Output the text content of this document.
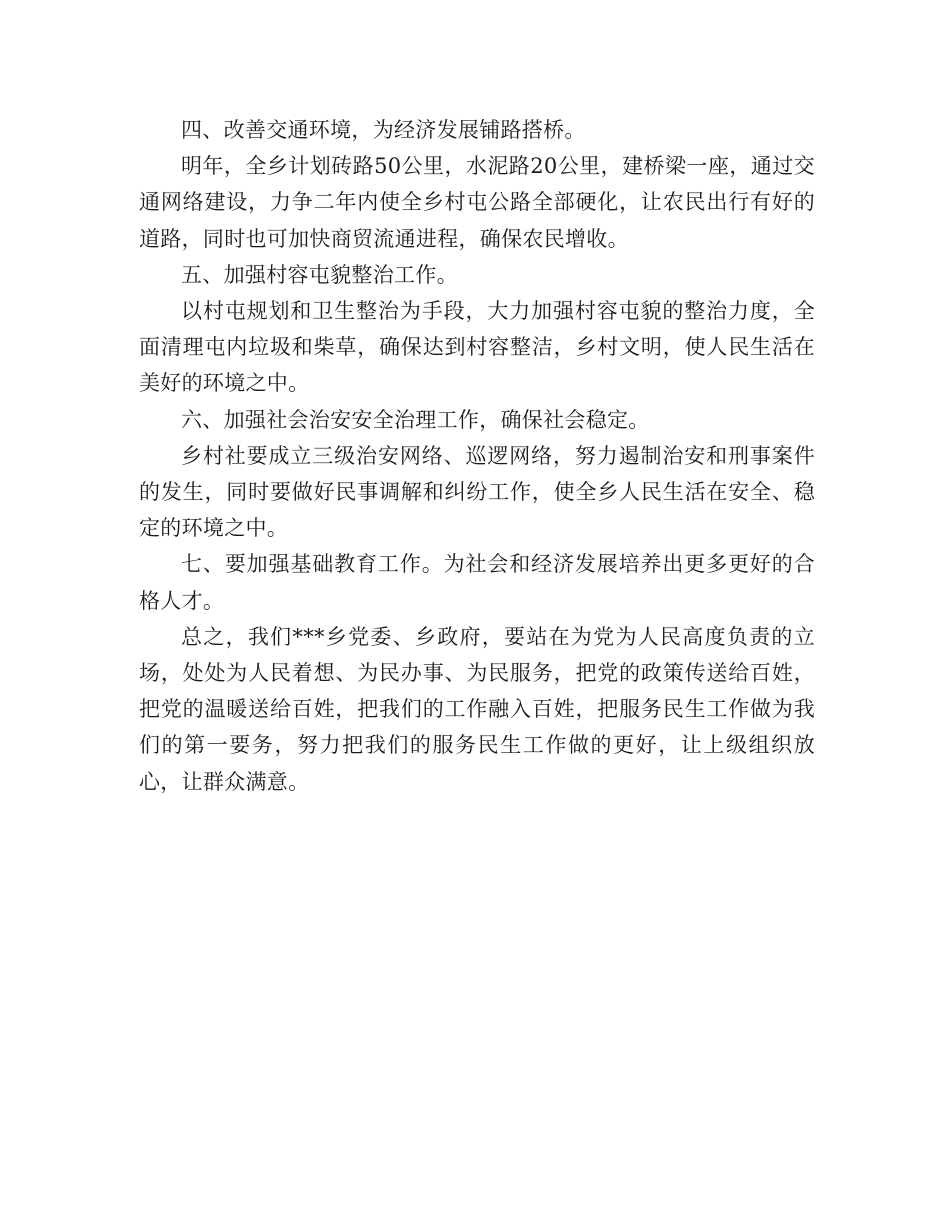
四、改善交通环境，为经济发展铺路搭桥。

明年，全乡计划砖路50公里，水泥路20公里，建桥梁一座，通过交通网络建设，力争二年内使全乡村屯公路全部硬化，让农民出行有好的道路，同时也可加快商贸流通进程，确保农民增收。

五、加强村容屯貌整治工作。

以村屯规划和卫生整治为手段，大力加强村容屯貌的整治力度，全面清理屯内垃圾和柴草，确保达到村容整洁，乡村文明，使人民生活在美好的环境之中。

六、加强社会治安安全治理工作，确保社会稳定。

乡村社要成立三级治安网络、巡逻网络，努力遏制治安和刑事案件的发生，同时要做好民事调解和纠纷工作，使全乡人民生活在安全、稳定的环境之中。

七、要加强基础教育工作。为社会和经济发展培养出更多更好的合格人才。

总之，我们***乡党委、乡政府，要站在为党为人民高度负责的立场，处处为人民着想、为民办事、为民服务，把党的政策传送给百姓，把党的温暖送给百姓，把我们的工作融入百姓，把服务民生工作做为我们的第一要务，努力把我们的服务民生工作做的更好，让上级组织放心，让群众满意。
